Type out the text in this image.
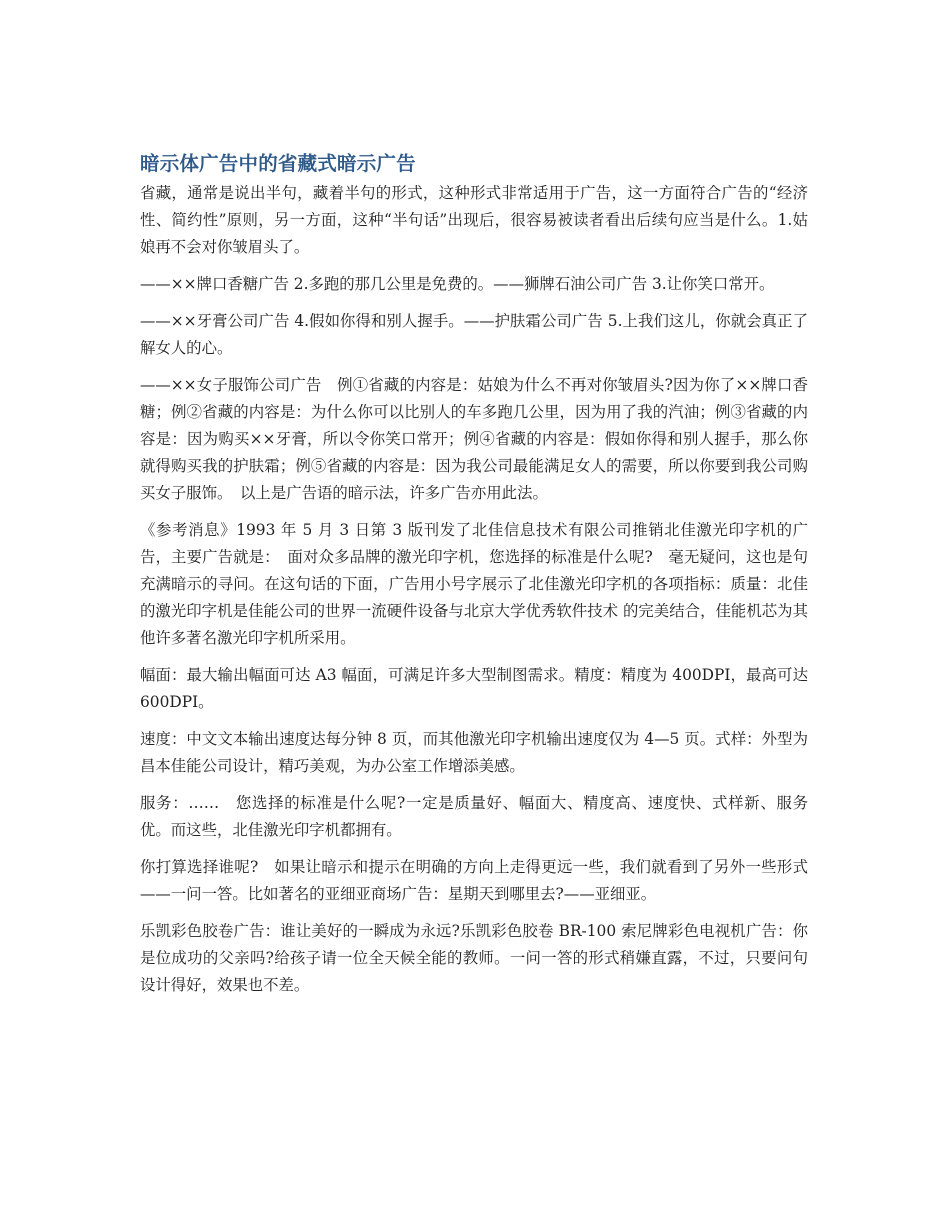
暗示体广告中的省藏式暗示广告

省藏，通常是说出半句，藏着半句的形式，这种形式非常适用于广告，这一方面符合广告的“经济性、简约性”原则，另一方面，这种“半句话”出现后，很容易被读者看出后续句应当是什么。1.姑娘再不会对你皱眉头了。

——××牌口香糖广告 2.多跑的那几公里是免费的。——狮牌石油公司广告 3.让你笑口常开。

——××牙膏公司广告 4.假如你得和别人握手。——护肤霜公司广告 5.上我们这儿，你就会真正了解女人的心。

——××女子服饰公司广告　例①省藏的内容是：姑娘为什么不再对你皱眉头?因为你了××牌口香糖；例②省藏的内容是：为什么你可以比别人的车多跑几公里，因为用了我的汽油；例③省藏的内容是：因为购买××牙膏，所以令你笑口常开；例④省藏的内容是：假如你得和别人握手，那么你就得购买我的护肤霜；例⑤省藏的内容是：因为我公司最能满足女人的需要，所以你要到我公司购买女子服饰。　以上是广告语的暗示法，许多广告亦用此法。

《参考消息》1993 年 5 月 3 日第 3 版刊发了北佳信息技术有限公司推销北佳激光印字机的广告，主要广告就是：　面对众多品牌的激光印字机，您选择的标准是什么呢?　毫无疑问，这也是句充满暗示的寻问。在这句话的下面，广告用小号字展示了北佳激光印字机的各项指标：质量：北佳的激光印字机是佳能公司的世界一流硬件设备与北京大学优秀软件技术 的完美结合，佳能机芯为其他许多著名激光印字机所采用。

幅面：最大输出幅面可达 A3 幅面，可满足许多大型制图需求。精度：精度为 400DPI，最高可达 600DPI。

速度：中文文本输出速度达每分钟 8 页，而其他激光印字机输出速度仅为 4—5 页。式样：外型为昌本佳能公司设计，精巧美观，为办公室工作增添美感。

服务：……　您选择的标准是什么呢?一定是质量好、幅面大、精度高、速度快、式样新、服务优。而这些，北佳激光印字机都拥有。

你打算选择谁呢?　如果让暗示和提示在明确的方向上走得更远一些，我们就看到了另外一些形式——一问一答。比如著名的亚细亚商场广告：星期天到哪里去?——亚细亚。

乐凯彩色胶卷广告：谁让美好的一瞬成为永远?乐凯彩色胶卷 BR-100 索尼牌彩色电视机广告：你是位成功的父亲吗?给孩子请一位全天候全能的教师。一问一答的形式稍嫌直露，不过，只要问句设计得好，效果也不差。
